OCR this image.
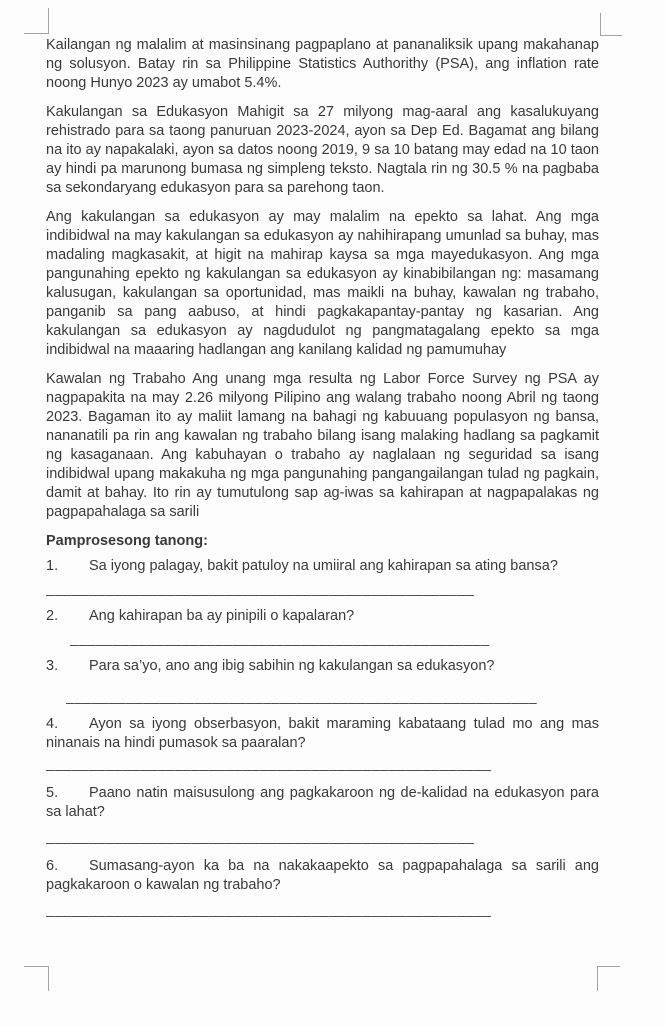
Kailangan ng malalim at masinsinang pagpaplano at pananaliksik upang makahanap ng solusyon. Batay rin sa Philippine Statistics Authorithy (PSA), ang inflation rate noong Hunyo 2023 ay umabot 5.4%.

Kakulangan sa Edukasyon Mahigit sa 27 milyong mag-aaral ang kasalukuyang rehistrado para sa taong panuruan 2023-2024, ayon sa Dep Ed. Bagamat ang bilang na ito ay napakalaki, ayon sa datos noong 2019, 9 sa 10 batang may edad na 10 taon ay hindi pa marunong bumasa ng simpleng teksto. Nagtala rin ng 30.5 % na pagbaba sa sekondaryang edukasyon para sa parehong taon.

Ang kakulangan sa edukasyon ay may malalim na epekto sa lahat. Ang mga indibidwal na may kakulangan sa edukasyon ay nahihirapang umunlad sa buhay, mas madaling magkasakit, at higit na mahirap kaysa sa mga mayedukasyon. Ang mga pangunahing epekto ng kakulangan sa edukasyon ay kinabibilangan ng: masamang kalusugan, kakulangan sa oportunidad, mas maikli na buhay, kawalan ng trabaho, panganib sa pang aabuso, at hindi pagkakapantay-pantay ng kasarian. Ang kakulangan sa edukasyon ay nagdudulot ng pangmatagalang epekto sa mga indibidwal na maaaring hadlangan ang kanilang kalidad ng pamumuhay

Kawalan ng Trabaho Ang unang mga resulta ng Labor Force Survey ng PSA ay nagpapakita na may 2.26 milyong Pilipino ang walang trabaho noong Abril ng taong 2023. Bagaman ito ay maliit lamang na bahagi ng kabuuang populasyon ng bansa, nananatili pa rin ang kawalan ng trabaho bilang isang malaking hadlang sa pagkamit ng kasaganaan. Ang kabuhayan o trabaho ay naglalaan ng seguridad sa isang indibidwal upang makakuha ng mga pangunahing pangangailangan tulad ng pagkain, damit at bahay. Ito rin ay tumutulong sap ag-iwas sa kahirapan at nagpapalakas ng pagpapahalaga sa sarili

Pamprosesong tanong:

1. Sa iyong palagay, bakit patuloy na umiiral ang kahirapan sa ating bansa?
__________________________________________________
2. Ang kahirapan ba ay pinipili o kapalaran?
_________________________________________________
3. Para sa’yo, ano ang ibig sabihin ng kakulangan sa edukasyon?
_______________________________________________________
4. Ayon sa iyong obserbasyon, bakit maraming kabataang tulad mo ang mas ninanais na hindi pumasok sa paaralan?
____________________________________________________
5. Paano natin maisusulong ang pagkakaroon ng de-kalidad na edukasyon para sa lahat?
__________________________________________________
6. Sumasang-ayon ka ba na nakakaapekto sa pagpapahalaga sa sarili ang pagkakaroon o kawalan ng trabaho?
____________________________________________________
